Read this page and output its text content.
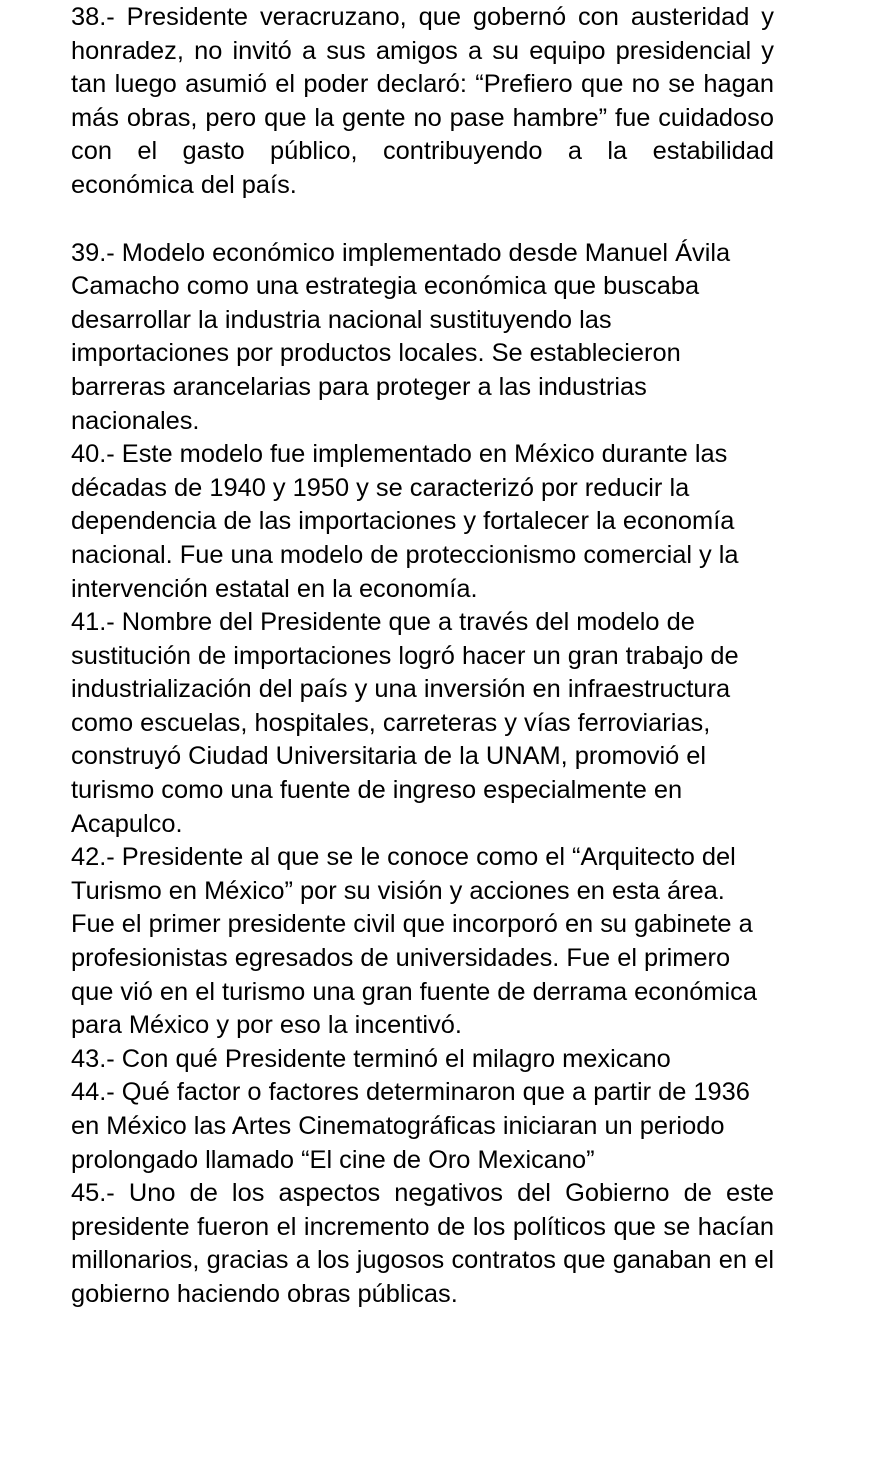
38.- Presidente veracruzano, que gobernó con austeridad y honradez, no invitó a sus amigos a su equipo presidencial y tan luego asumió el poder declaró: “Prefiero que no se hagan más obras, pero que la gente no pase hambre” fue cuidadoso con el gasto público, contribuyendo a la estabilidad económica del país.

39.- Modelo económico implementado desde Manuel Ávila Camacho como una estrategia económica que buscaba desarrollar la industria nacional sustituyendo las importaciones por productos locales. Se establecieron barreras arancelarias para proteger a las industrias nacionales.

40.- Este modelo fue implementado en México durante las décadas de 1940 y 1950 y se caracterizó por reducir la dependencia de las importaciones y fortalecer la economía nacional. Fue una modelo de proteccionismo comercial y la intervención estatal en la economía.

41.- Nombre del Presidente que a través del modelo de sustitución de importaciones logró hacer un gran trabajo de industrialización del país y una inversión en infraestructura como escuelas, hospitales, carreteras y vías ferroviarias, construyó Ciudad Universitaria de la UNAM, promovió el turismo como una fuente de ingreso especialmente en Acapulco.

42.- Presidente al que se le conoce como el “Arquitecto del Turismo en México” por su visión y acciones en esta área. Fue el primer presidente civil que incorporó en su gabinete a profesionistas egresados de universidades. Fue el primero que vió en el turismo una gran fuente de derrama económica para México y por eso la incentivó.

43.- Con qué Presidente terminó el milagro mexicano

44.- Qué factor o factores determinaron que a partir de 1936 en México las Artes Cinematográficas iniciaran un periodo prolongado llamado “El cine de Oro Mexicano”

45.- Uno de los aspectos negativos del Gobierno de este presidente fueron el incremento de los políticos que se hacían millonarios, gracias a los jugosos contratos que ganaban en el gobierno haciendo obras públicas.
